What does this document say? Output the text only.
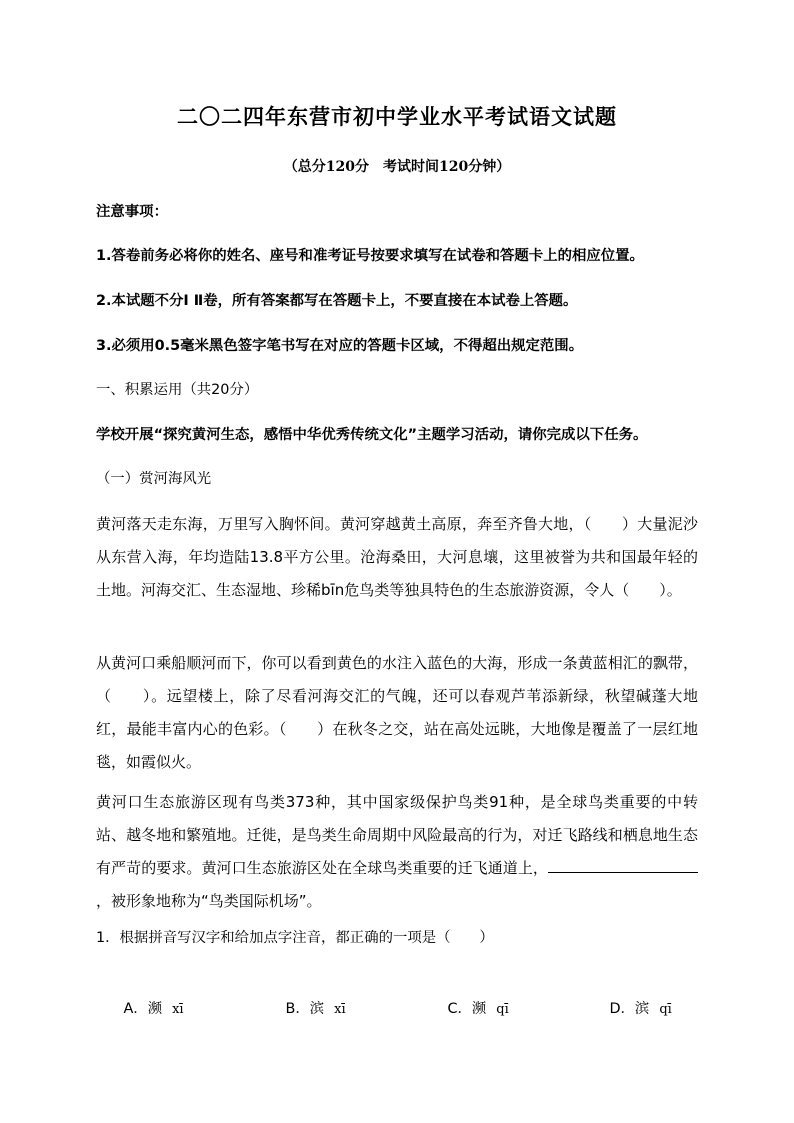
二〇二四年东营市初中学业水平考试语文试题
（总分120分　考试时间120分钟）
注意事项：
1.答卷前务必将你的姓名、座号和准考证号按要求填写在试卷和答题卡上的相应位置。
2.本试题不分Ⅰ Ⅱ卷，所有答案都写在答题卡上，不要直接在本试卷上答题。
3.必须用0.5毫米黑色签字笔书写在对应的答题卡区域，不得超出规定范围。
一、积累运用（共20分）
学校开展“探究黄河生态，感悟中华优秀传统文化”主题学习活动，请你完成以下任务。
（一）赏河海风光
黄河落天走东海，万里写入胸怀间。黄河穿越黄土高原，奔至齐鲁大地，（　　）大量泥沙从东营入海，年均造陆13.8平方公里。沧海桑田，大河息壤，这里被誉为共和国最年轻的土地。河海交汇、生态湿地、珍稀bīn危鸟类等独具特色的生态旅游资源，令人（　　）。
从黄河口乘船顺河而下，你可以看到黄色的水注入蓝色的大海，形成一条黄蓝相汇的飘带，（　　）。远望楼上，除了尽看河海交汇的气魄，还可以春观芦苇添新绿，秋望碱蓬大地红，最能丰富内心的色彩。（　　）在秋冬之交，站在高处远眺，大地像是覆盖了一层红地毯，如霞似火。
黄河口生态旅游区现有鸟类373种，其中国家级保护鸟类91种，是全球鸟类重要的中转站、越冬地和繁殖地。迁徙，是鸟类生命周期中风险最高的行为，对迁飞路线和栖息地生态有严苛的要求。黄河口生态旅游区处在全球鸟类重要的迁飞通道上，，被形象地称为“鸟类国际机场”。
1．根据拼音写汉字和给加点字注音，都正确的一项是（　　）

A．濒 xī
	B．滨 xī
	C．濒 qī
	D．滨 qī
